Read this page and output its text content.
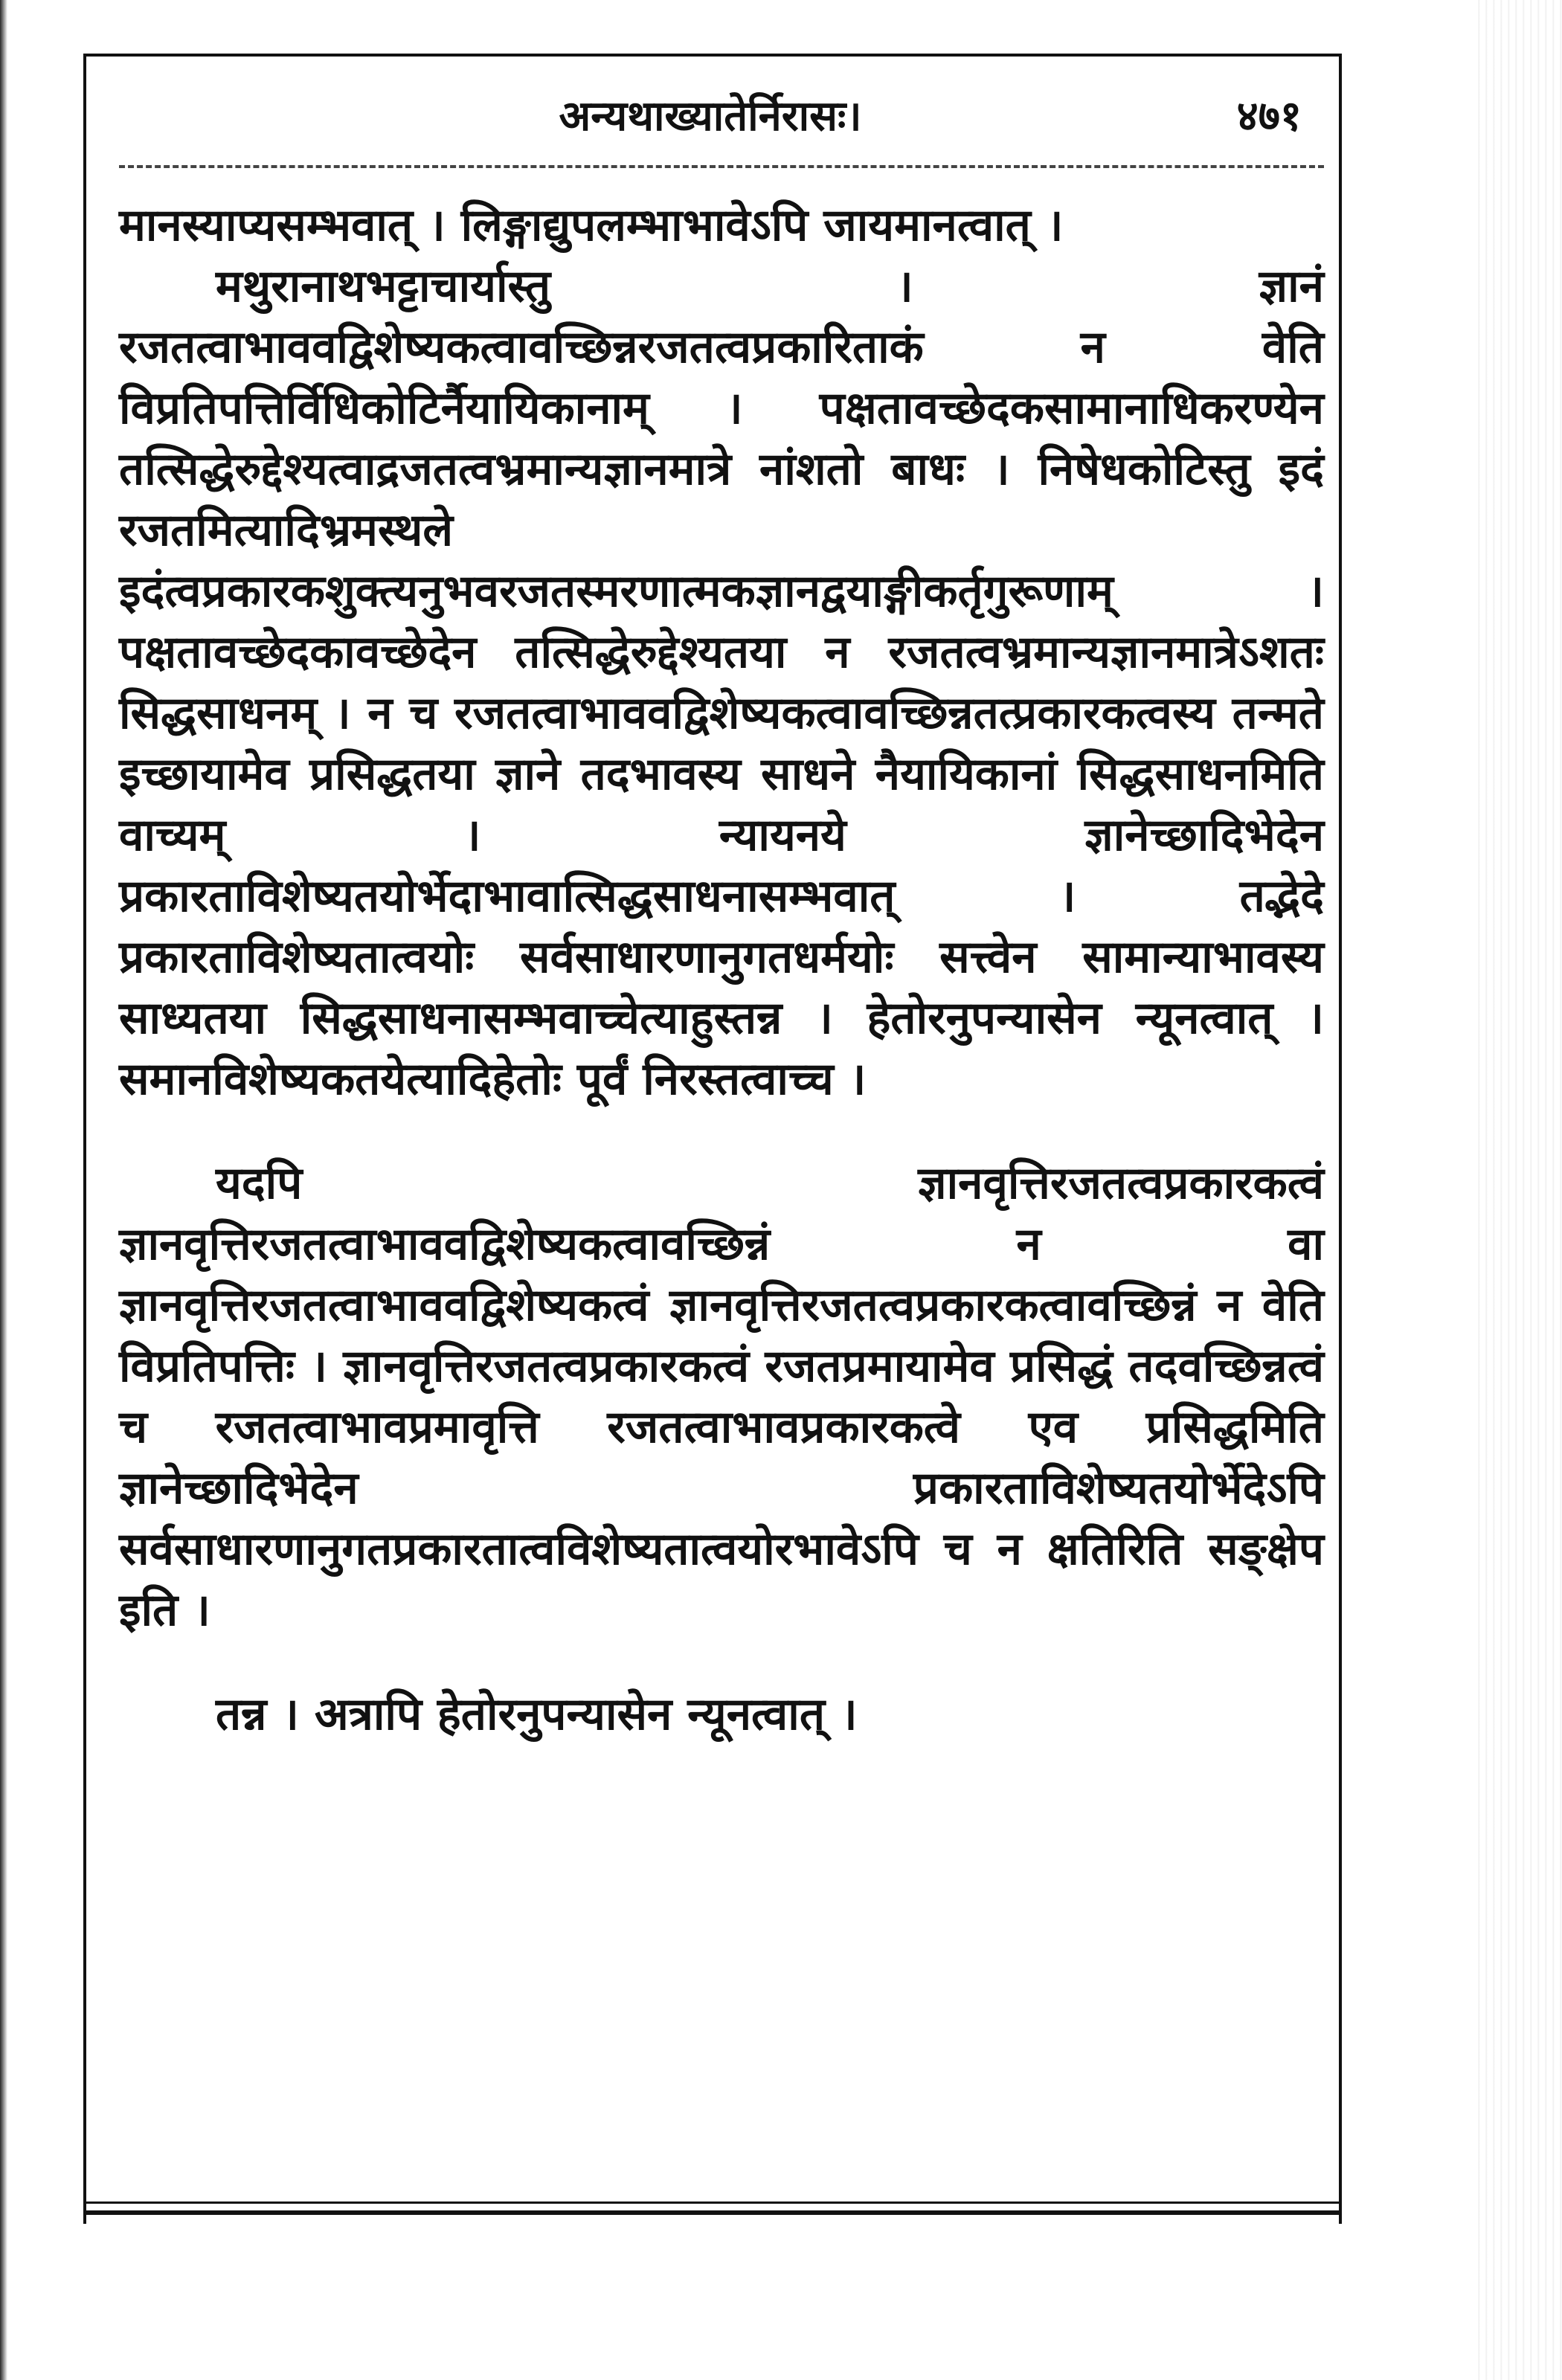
अन्यथाख्यातेर्निरासः।	४७१

मानस्याप्यसम्भवात् । लिङ्गाद्युपलम्भाभावेऽपि जायमानत्वात् ।

मथुरानाथभट्टाचार्यास्तु । ज्ञानं रजतत्वाभाववद्विशेष्यकत्वावच्छिन्नरजतत्वप्रकारिताकं न वेति विप्रतिपत्तिर्विधिकोटिर्नैयायिकानाम् । पक्षतावच्छेदकसामानाधिकरण्येन तत्सिद्धेरुद्देश्यत्वाद्रजतत्वभ्रमान्यज्ञानमात्रे नांशतो बाधः । निषेधकोटिस्तु इदं रजतमित्यादिभ्रमस्थले इदंत्वप्रकारकशुक्त्यनुभवरजतस्मरणात्मकज्ञानद्वयाङ्गीकर्तृगुरूणाम् । पक्षतावच्छेदकावच्छेदेन तत्सिद्धेरुद्देश्यतया न रजतत्वभ्रमान्यज्ञानमात्रेऽशतः सिद्धसाधनम् । न च रजतत्वाभाववद्विशेष्यकत्वावच्छिन्नतत्प्रकारकत्वस्य तन्मते इच्छायामेव प्रसिद्धतया ज्ञाने तदभावस्य साधने नैयायिकानां सिद्धसाधनमिति वाच्यम् । न्यायनये ज्ञानेच्छादिभेदेन प्रकारताविशेष्यतयोर्भेदाभावात्सिद्धसाधनासम्भवात् । तद्भेदे प्रकारताविशेष्यतात्वयोः सर्वसाधारणानुगतधर्मयोः सत्त्वेन सामान्याभावस्य साध्यतया सिद्धसाधनासम्भवाच्चेत्याहुस्तन्न । हेतोरनुपन्यासेन न्यूनत्वात् । समानविशेष्यकतयेत्यादिहेतोः पूर्वं निरस्तत्वाच्च ।

यदपि ज्ञानवृत्तिरजतत्वप्रकारकत्वं ज्ञानवृत्तिरजतत्वाभाववद्विशेष्यकत्वावच्छिन्नं न वा ज्ञानवृत्तिरजतत्वाभाववद्विशेष्यकत्वं ज्ञानवृत्तिरजतत्वप्रकारकत्वावच्छिन्नं न वेति विप्रतिपत्तिः । ज्ञानवृत्तिरजतत्वप्रकारकत्वं रजतप्रमायामेव प्रसिद्धं तदवच्छिन्नत्वं च रजतत्वाभावप्रमावृत्ति रजतत्वाभावप्रकारकत्वे एव प्रसिद्धमिति ज्ञानेच्छादिभेदेन प्रकारताविशेष्यतयोर्भेदेऽपि सर्वसाधारणानुगतप्रकारतात्वविशेष्यतात्वयोरभावेऽपि च न क्षतिरिति सङ्क्षेप इति ।

तन्न । अत्रापि हेतोरनुपन्यासेन न्यूनत्वात् ।
